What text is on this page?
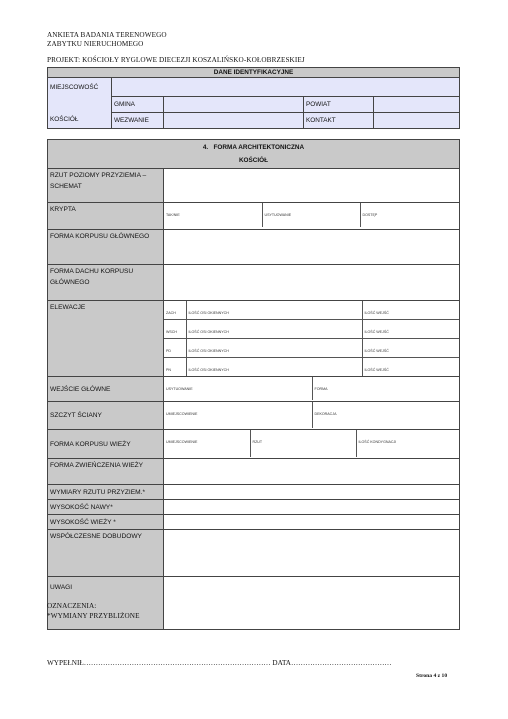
ANKIETA BADANIA TERENOWEGO
ZABYTKU NIERUCHOMEGO
PROJEKT: KOŚCIOŁY RYGLOWE DIECEZJI KOSZALIŃSKO-KOŁOBRZESKIEJ
DANE IDENTYFIKACYJNE				
MIEJSCOWOŚĆ				
	GMINA		POWIAT	
KOŚCIÓŁ	WEZWANIE		KONTAKT	
4. FORMA ARCHITEKTONICZNA
KOŚCIÓŁ

RZUT POZIOMY PRZYZIEMIA – SCHEMAT	
KRYPTA	
TAK/NIE	USYTUOWANIE	DOSTĘP

FORMA KORPUSU GŁÓWNEGO	
FORMA DACHU KORPUSU GŁÓWNEGO	
ELEWACJE	
ZACH	ILOŚĆ OSI OKIENNYCH	ILOŚĆ WEJŚĆ
WSCH	ILOŚĆ OSI OKIENNYCH	ILOŚĆ WEJŚĆ
PD	ILOŚĆ OSI OKIENNYCH	ILOŚĆ WEJŚĆ
PN	ILOŚĆ OSI OKIENNYCH	ILOŚĆ WEJŚĆ

WEJŚCIE GŁÓWNE		USYTUOWANIE	FORMA

SZCZYT ŚCIANY		UMIEJSCOWIENIE	DEKORACJA

FORMA KORPUSU WIEŻY		UMIEJSCOWIENIE	RZUT	ILOŚĆ KONDYGNACJI

FORMA ZWIEŃCZENIA WIEŻY	
WYMIARY RZUTU PRZYZIEM.*	
WYSOKOŚĆ NAWY*	
WYSOKOŚĆ WIEŻY *	
WSPÓŁCZESNE DOBUDOWY	
UWAGI	
OZNACZENIA:
*WYMIANY PRZYBLIŻONE
WYPEŁNIŁ…………………………………………………………………… DATA……………………………………
Strona 4 z 10
